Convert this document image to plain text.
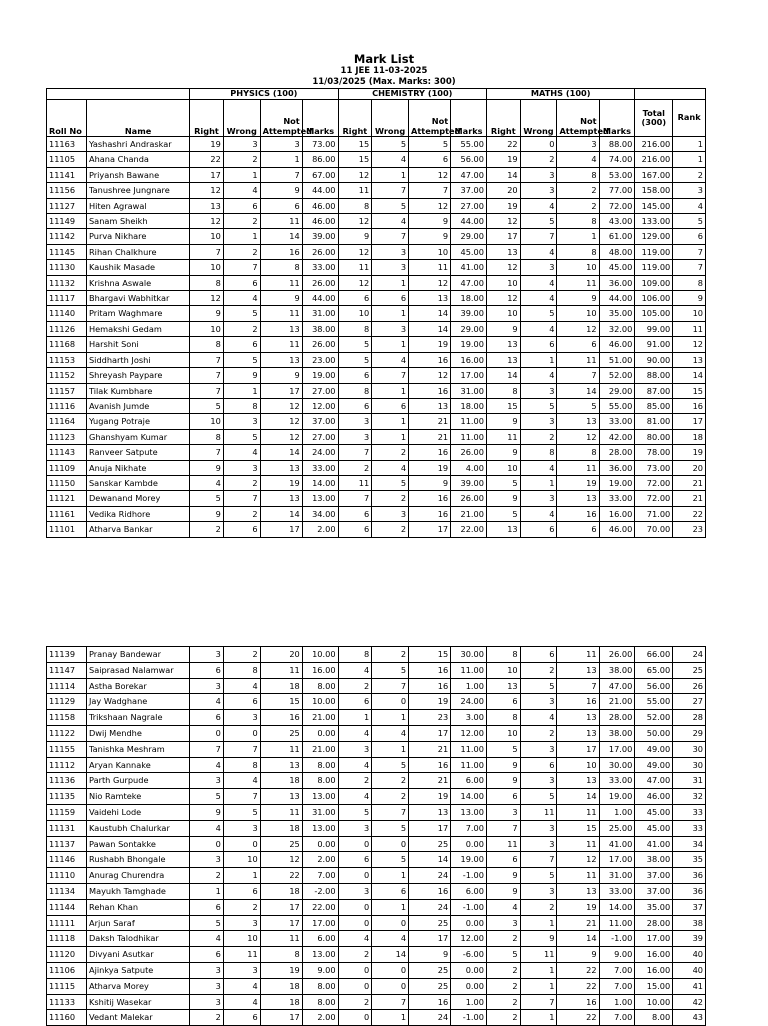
Mark List
11 JEE 11-03-2025
11/03/2025 (Max. Marks: 300)
		PHYSICS (100)				CHEMISTRY (100)				MATHS (100)					
Roll No	Name	Right	Wrong	Not Attempted	Marks	Right	Wrong	Not Attempted	Marks	Right	Wrong	Not Attempted	Marks	Total (300)	Rank
11163	Yashashri Andraskar	19	3	3	73.00	15	5	5	55.00	22	0	3	88.00	216.00	1
11105	Ahana Chanda	22	2	1	86.00	15	4	6	56.00	19	2	4	74.00	216.00	1
11141	Priyansh Bawane	17	1	7	67.00	12	1	12	47.00	14	3	8	53.00	167.00	2
11156	Tanushree Jungnare	12	4	9	44.00	11	7	7	37.00	20	3	2	77.00	158.00	3
11127	Hiten Agrawal	13	6	6	46.00	8	5	12	27.00	19	4	2	72.00	145.00	4
11149	Sanam Sheikh	12	2	11	46.00	12	4	9	44.00	12	5	8	43.00	133.00	5
11142	Purva Nikhare	10	1	14	39.00	9	7	9	29.00	17	7	1	61.00	129.00	6
11145	Rihan Chalkhure	7	2	16	26.00	12	3	10	45.00	13	4	8	48.00	119.00	7
11130	Kaushik Masade	10	7	8	33.00	11	3	11	41.00	12	3	10	45.00	119.00	7
11132	Krishna Aswale	8	6	11	26.00	12	1	12	47.00	10	4	11	36.00	109.00	8
11117	Bhargavi Wabhitkar	12	4	9	44.00	6	6	13	18.00	12	4	9	44.00	106.00	9
11140	Pritam Waghmare	9	5	11	31.00	10	1	14	39.00	10	5	10	35.00	105.00	10
11126	Hemakshi Gedam	10	2	13	38.00	8	3	14	29.00	9	4	12	32.00	99.00	11
11168	Harshit Soni	8	6	11	26.00	5	1	19	19.00	13	6	6	46.00	91.00	12
11153	Siddharth Joshi	7	5	13	23.00	5	4	16	16.00	13	1	11	51.00	90.00	13
11152	Shreyash Paypare	7	9	9	19.00	6	7	12	17.00	14	4	7	52.00	88.00	14
11157	Tilak Kumbhare	7	1	17	27.00	8	1	16	31.00	8	3	14	29.00	87.00	15
11116	Avanish Jumde	5	8	12	12.00	6	6	13	18.00	15	5	5	55.00	85.00	16
11164	Yugang Potraje	10	3	12	37.00	3	1	21	11.00	9	3	13	33.00	81.00	17
11123	Ghanshyam Kumar	8	5	12	27.00	3	1	21	11.00	11	2	12	42.00	80.00	18
11143	Ranveer Satpute	7	4	14	24.00	7	2	16	26.00	9	8	8	28.00	78.00	19
11109	Anuja Nikhate	9	3	13	33.00	2	4	19	4.00	10	4	11	36.00	73.00	20
11150	Sanskar Kambde	4	2	19	14.00	11	5	9	39.00	5	1	19	19.00	72.00	21
11121	Dewanand Morey	5	7	13	13.00	7	2	16	26.00	9	3	13	33.00	72.00	21
11161	Vedika Ridhore	9	2	14	34.00	6	3	16	21.00	5	4	16	16.00	71.00	22
11101	Atharva Bankar	2	6	17	2.00	6	2	17	22.00	13	6	6	46.00	70.00	23
11139	Pranay Bandewar	3	2	20	10.00	8	2	15	30.00	8	6	11	26.00	66.00	24
11147	Saiprasad Nalamwar	6	8	11	16.00	4	5	16	11.00	10	2	13	38.00	65.00	25
11114	Astha Borekar	3	4	18	8.00	2	7	16	1.00	13	5	7	47.00	56.00	26
11129	Jay Wadghane	4	6	15	10.00	6	0	19	24.00	6	3	16	21.00	55.00	27
11158	Trikshaan Nagrale	6	3	16	21.00	1	1	23	3.00	8	4	13	28.00	52.00	28
11122	Dwij Mendhe	0	0	25	0.00	4	4	17	12.00	10	2	13	38.00	50.00	29
11155	Tanishka Meshram	7	7	11	21.00	3	1	21	11.00	5	3	17	17.00	49.00	30
11112	Aryan Kannake	4	8	13	8.00	4	5	16	11.00	9	6	10	30.00	49.00	30
11136	Parth Gurpude	3	4	18	8.00	2	2	21	6.00	9	3	13	33.00	47.00	31
11135	Nio Ramteke	5	7	13	13.00	4	2	19	14.00	6	5	14	19.00	46.00	32
11159	Vaidehi Lode	9	5	11	31.00	5	7	13	13.00	3	11	11	1.00	45.00	33
11131	Kaustubh Chalurkar	4	3	18	13.00	3	5	17	7.00	7	3	15	25.00	45.00	33
11137	Pawan Sontakke	0	0	25	0.00	0	0	25	0.00	11	3	11	41.00	41.00	34
11146	Rushabh Bhongale	3	10	12	2.00	6	5	14	19.00	6	7	12	17.00	38.00	35
11110	Anurag Churendra	2	1	22	7.00	0	1	24	-1.00	9	5	11	31.00	37.00	36
11134	Mayukh Tamghade	1	6	18	-2.00	3	6	16	6.00	9	3	13	33.00	37.00	36
11144	Rehan Khan	6	2	17	22.00	0	1	24	-1.00	4	2	19	14.00	35.00	37
11111	Arjun Saraf	5	3	17	17.00	0	0	25	0.00	3	1	21	11.00	28.00	38
11118	Daksh Talodhikar	4	10	11	6.00	4	4	17	12.00	2	9	14	-1.00	17.00	39
11120	Divyani Asutkar	6	11	8	13.00	2	14	9	-6.00	5	11	9	9.00	16.00	40
11106	Ajinkya Satpute	3	3	19	9.00	0	0	25	0.00	2	1	22	7.00	16.00	40
11115	Atharva Morey	3	4	18	8.00	0	0	25	0.00	2	1	22	7.00	15.00	41
11133	Kshitij Wasekar	3	4	18	8.00	2	7	16	1.00	2	7	16	1.00	10.00	42
11160	Vedant Malekar	2	6	17	2.00	0	1	24	-1.00	2	1	22	7.00	8.00	43
